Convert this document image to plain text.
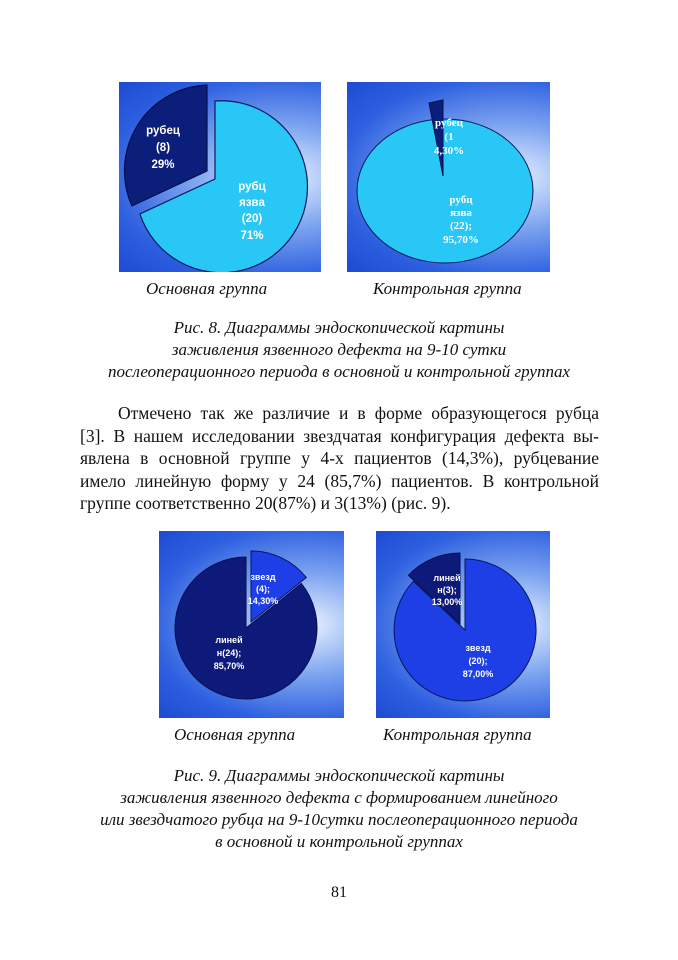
рубец
(8)
29%
рубц
язва
(20)
71%
рубец
(1
4,30%
рубц
язва
(22);
95,70%
Основная группа	Контрольная группа
Рис. 8. Диаграммы эндоскопической картины
заживления язвенного дефекта на 9-10 сутки
послеоперационного периода в основной и контрольной группах
Отмечено так же различие и в форме образующегося рубца
[3]. В нашем исследовании звездчатая конфигурация дефекта вы-
явлена в основной группе у 4-х пациентов (14,3%), рубцевание
имело линейную форму у 24 (85,7%) пациентов. В контрольной
группе соответственно 20(87%) и 3(13%) (рис. 9).
звезд
(4);
14,30%
линей
н(24);
85,70%
линей
н(3);
13,00%
звезд
(20);
87,00%
Основная группа	Контрольная группа
Рис. 9. Диаграммы эндоскопической картины
заживления язвенного дефекта с формированием линейного
или звездчатого рубца на 9-10сутки послеоперационного периода
в основной и контрольной группах
81
